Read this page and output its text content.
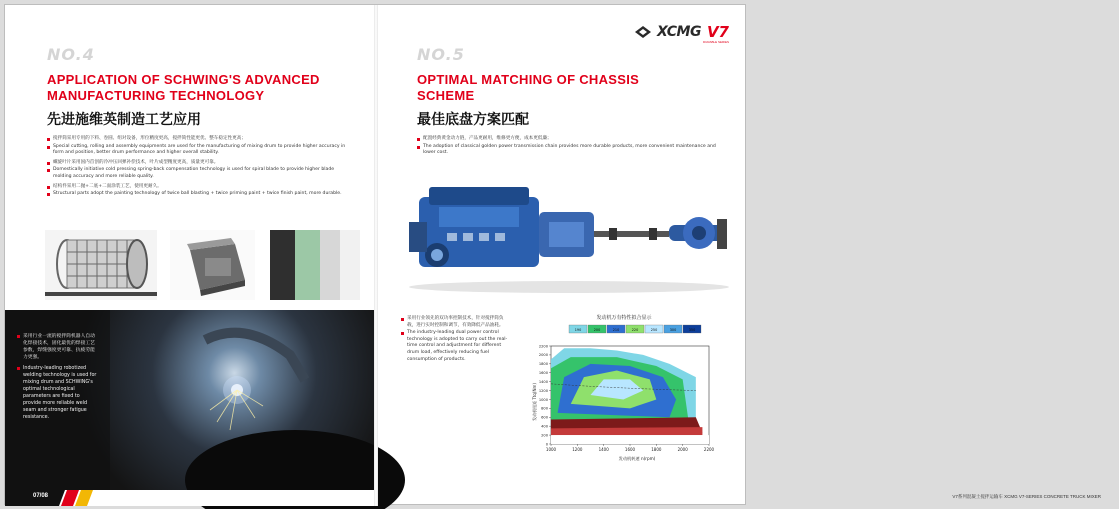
NO.4
APPLICATION OF SCHWING'S ADVANCED MANUFACTURING TECHNOLOGY
先进施维英制造工艺应用

搅拌筒采用专用的下料、卷圆、组对设备，形位精度更高，搅拌筒性能更优、整车稳定性更高；

Special cutting, rolling and assembly equipments are used for the manufacturing of mixing drum to provide higher accuracy in form and position, better drum performance and higher overall stability.

螺旋叶片采用国内首创的冷冲压回弹补偿技术，叶片成型精度更高，质量更可靠。

Domestically initiative cold pressing spring-back compensation technology is used for spiral blade to provide higher blade molding accuracy and more reliable quality.

结构件采用二抛+二底+二面涂装工艺，使用更耐久。

Structural parts adopt the painting technology of twice ball blasting + twice priming paint + twice finish paint, more durable.

采用行业一流的搅拌筒机器人自动化焊接技术，固化最优的焊接工艺参数，焊缝强度更可靠、抗疲劳能力更强。

Industry-leading robotized welding technology is used for mixing drum and SCHWING's optimal technological parameters are fixed to provide more reliable weld seam and stronger fatigue resistance.

07/08
XCMG V7
DURABLE SERIES
NO.5
OPTIMAL MATCHING OF CHASSIS SCHEME
最佳底盘方案匹配

配置经典黄金动力链，产品更耐用，维修更方便，成本更低廉；

The adoption of classical golden power transmission chain provides more durable products, more convenient maintenance and lower cost.

采用行业领先的双功率控制技术，针对搅拌筒负载，进行实时控制和调节，有效降低产品油耗。

The industry-leading dual power control technology is adopted to carry out the real-time control and adjustment for different drum load, effectively reducing fuel consumption of products.

V7系列混凝土搅拌运输车 XCMG V7-SERIES CONCRETE TRUCK MIXER
发动机万有特性拟合显示
发动机扭矩 Ttq(Nm)
发动机转速 n(rpm)
190	200	210	220	250	300	350
1000	1200	1400	1600	1800	2000	2200
0
200
400
600
800
1000
1200
1400
1600
1800
2000
2200
